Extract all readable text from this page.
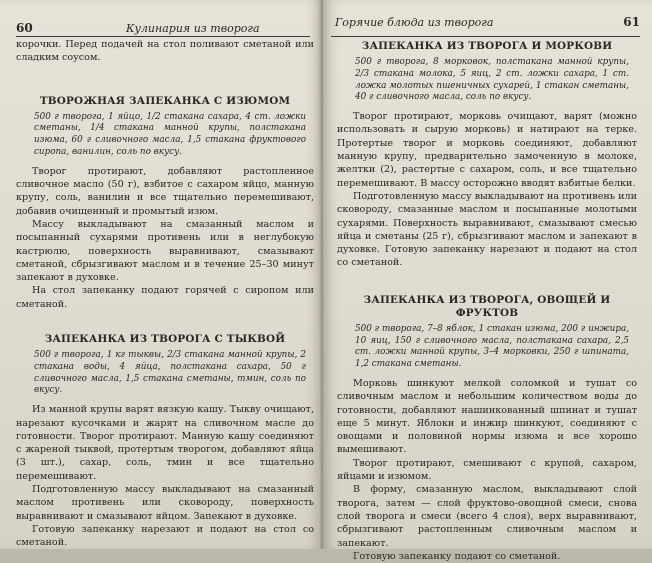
60	Кулинария из творога

корочки. Перед подачей на стол поливают сметаной или сладким соусом.

ТВОРОЖНАЯ ЗАПЕКАНКА С ИЗЮМОМ

500 г творога, 1 яйцо, 1/2 стакана сахара, 4 ст. ложки сметаны, 1/4 стакана манной крупы, полстакана изюма, 60 г сливочного масла, 1,5 стакана фруктового сиропа, ванилин, соль по вкусу.

Творог протирают, добавляют растопленное сливочное масло (50 г), взбитое с сахаром яйцо, манную крупу, соль, ванилин и все тщательно перемешивают, добавив очищенный и промытый изюм.

Массу выкладывают на смазанный маслом и посыпанный сухарями противень или в неглубокую кастрюлю, поверхность выравнивают, смазывают сметаной, сбрызгивают маслом и в течение 25–30 минут запекают в духовке.

На стол запеканку подают горячей с сиропом или сметаной.

ЗАПЕКАНКА ИЗ ТВОРОГА С ТЫКВОЙ

500 г творога, 1 кг тыквы, 2/3 стакана манной крупы, 2 стакана воды, 4 яйца, полстакана сахара, 50 г сливочного масла, 1,5 стакана сметаны, тмин, соль по вкусу.

Из манной крупы варят вязкую кашу. Тыкву очищают, нарезают кусочками и жарят на сливочном масле до готовности. Творог протирают. Манную кашу соединяют с жареной тыквой, протертым творогом, добавляют яйца (3 шт.), сахар, соль, тмин и все тщательно перемешивают.

Подготовленную массу выкладывают на смазанный маслом противень или сковороду, поверхность выравнивают и смазывают яйцом. Запекают в духовке.

Готовую запеканку нарезают и подают на стол со сметаной.

Горячие блюда из творога	61
ЗАПЕКАНКА ИЗ ТВОРОГА И МОРКОВИ

500 г творога, 8 морковок, полстакана манной крупы, 2/3 стакана молока, 5 яиц, 2 ст. ложки сахара, 1 ст. ложка молотых пшеничных сухарей, 1 стакан сметаны, 40 г сливочного масла, соль по вкусу.

Творог протирают, морковь очищают, варят (можно использовать и сырую морковь) и натирают на терке. Протертые творог и морковь соединяют, добавляют манную крупу, предварительно замоченную в молоке, желтки (2), растертые с сахаром, соль, и все тщательно перемешивают. В массу осторожно вводят взбитые белки.

Подготовленную массу выкладывают на противень или сковороду, смазанные маслом и посыпанные молотыми сухарями. Поверхность выравнивают, смазывают смесью яйца и сметаны (25 г), сбрызгивают маслом и запекают в духовке. Готовую запеканку нарезают и подают на стол со сметаной.

ЗАПЕКАНКА ИЗ ТВОРОГА, ОВОЩЕЙ И ФРУКТОВ

500 г творога, 7–8 яблок, 1 стакан изюма, 200 г инжира, 10 яиц, 150 г сливочного масла, полстакана сахара, 2,5 ст. ложки манной крупы, 3–4 морковки, 250 г шпината, 1,2 стакана сметаны.

Морковь шинкуют мелкой соломкой и тушат со сливочным маслом и небольшим количеством воды до готовности, добавляют нашинкованный шпинат и тушат еще 5 минут. Яблоки и инжир шинкуют, соединяют с овощами и половиной нормы изюма и все хорошо вымешивают.

Творог протирают, смешивают с крупой, сахаром, яйцами и изюмом.

В форму, смазанную маслом, выкладывают слой творога, затем — слой фруктово-овощной смеси, снова слой творога и смеси (всего 4 слоя), верх выравнивают, сбрызгивают растопленным сливочным маслом и запекают.

Готовую запеканку подают со сметаной.
